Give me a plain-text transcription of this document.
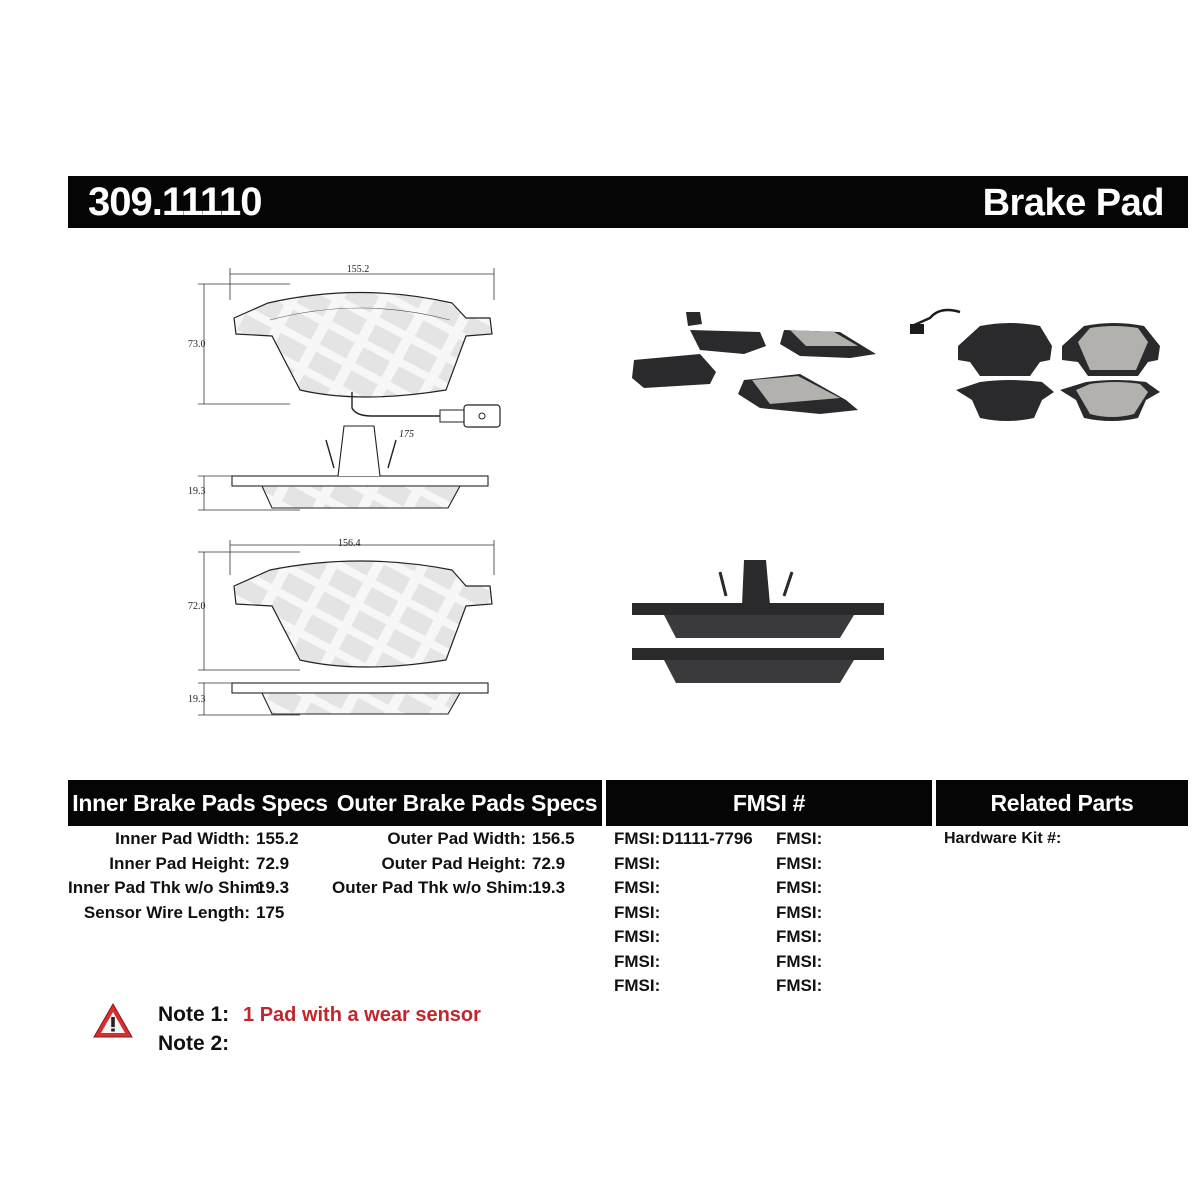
309.11110	Brake Pad
155.2
73.0
175
19.3
156.4
72.0
19.3
Inner Brake Pads Specs Outer Brake Pads Specs	FMSI #	Related Parts
Inner Pad Width: 155.2
Inner Pad Height: 72.9
Inner Pad Thk w/o Shim:
19.3
Sensor Wire Length: 175
Outer Pad Width: 156.5
Outer Pad Height: 72.9
Outer Pad Thk w/o Shim:
19.3
FMSI: D1111-7796	FMSI:
FMSI:	FMSI:
FMSI:	FMSI:
FMSI:	FMSI:
FMSI:	FMSI:
FMSI:	FMSI:
FMSI:	FMSI:
Hardware Kit #:
Note 1: 1 Pad with a wear sensor
Note 2:
